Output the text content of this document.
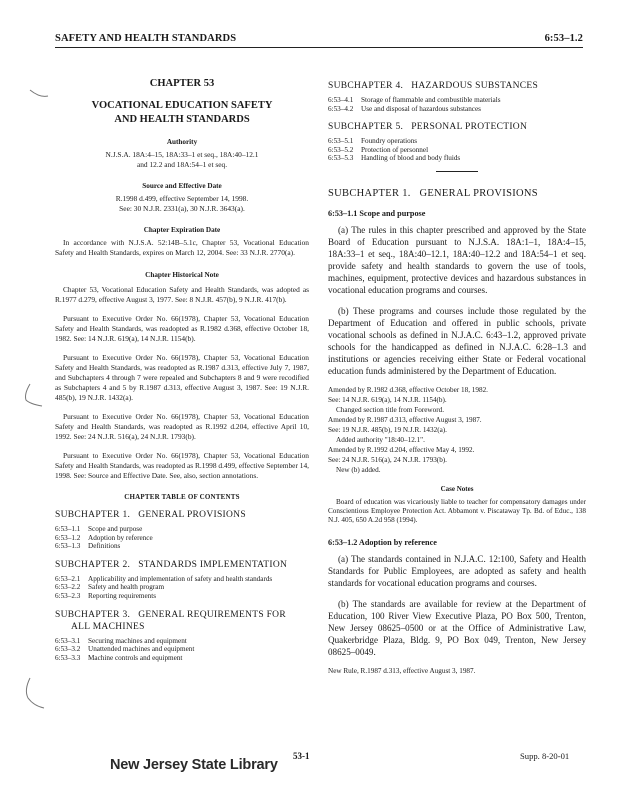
SAFETY AND HEALTH STANDARDS	6:53–1.2
CHAPTER 53
VOCATIONAL EDUCATION SAFETY
AND HEALTH STANDARDS
Authority
N.J.S.A. 18A:4–15, 18A:33–1 et seq., 18A:40–12.1
and 12.2 and 18A:54–1 et seq.
Source and Effective Date
R.1998 d.499, effective September 14, 1998.
See: 30 N.J.R. 2331(a), 30 N.J.R. 3643(a).
Chapter Expiration Date
In accordance with N.J.S.A. 52:14B–5.1c, Chapter 53, Vocational Education Safety and Health Standards, expires on March 12, 2004. See: 33 N.J.R. 2770(a).
Chapter Historical Note
Chapter 53, Vocational Education Safety and Health Standards, was adopted as R.1977 d.279, effective August 3, 1977. See: 8 N.J.R. 457(b), 9 N.J.R. 417(b).
Pursuant to Executive Order No. 66(1978), Chapter 53, Vocational Education Safety and Health Standards, was readopted as R.1982 d.368, effective October 18, 1982. See: 14 N.J.R. 619(a), 14 N.J.R. 1154(b).
Pursuant to Executive Order No. 66(1978), Chapter 53, Vocational Education Safety and Health Standards, was readopted as R.1987 d.313, effective July 7, 1987, and Subchapters 4 through 7 were repealed and Subchapters 8 and 9 were recodified as Subchapters 4 and 5 by R.1987 d.313, effective August 3, 1987. See: 19 N.J.R. 485(b), 19 N.J.R. 1432(a).
Pursuant to Executive Order No. 66(1978), Chapter 53, Vocational Education Safety and Health Standards, was readopted as R.1992 d.204, effective April 10, 1992. See: 24 N.J.R. 516(a), 24 N.J.R. 1793(b).
Pursuant to Executive Order No. 66(1978), Chapter 53, Vocational Education Safety and Health Standards, was readopted as R.1998 d.499, effective September 14, 1998. See: Source and Effective Date. See, also, section annotations.
CHAPTER TABLE OF CONTENTS
SUBCHAPTER 1. GENERAL PROVISIONS
6:53–1.1	Scope and purpose
6:53–1.2	Adoption by reference
6:53–1.3	Definitions
SUBCHAPTER 2. STANDARDS IMPLEMENTATION
6:53–2.1	Applicability and implementation of safety and health standards
6:53–2.2	Safety and health program
6:53–2.3	Reporting requirements
SUBCHAPTER 3. GENERAL REQUIREMENTS FOR
ALL MACHINES
6:53–3.1	Securing machines and equipment
6:53–3.2	Unattended machines and equipment
6:53–3.3	Machine controls and equipment
SUBCHAPTER 4. HAZARDOUS SUBSTANCES
6:53–4.1	Storage of flammable and combustible materials
6:53–4.2	Use and disposal of hazardous substances
SUBCHAPTER 5. PERSONAL PROTECTION
6:53–5.1	Foundry operations
6:53–5.2	Protection of personnel
6:53–5.3	Handling of blood and body fluids
SUBCHAPTER 1. GENERAL PROVISIONS
6:53–1.1 Scope and purpose
(a) The rules in this chapter prescribed and approved by the State Board of Education pursuant to N.J.S.A. 18A:1–1, 18A:4–15, 18A:33–1 et seq., 18A:40–12.1, 18A:40–12.2 and 18A:54–1 et seq. provide safety and health standards to govern the use of tools, machines, equipment, protective devices and hazardous substances in vocational education programs and courses.
(b) These programs and courses include those regulated by the Department of Education and offered in public schools, private vocational schools as defined in N.J.A.C. 6:43–1.2, approved private schools for the handicapped as defined in N.J.A.C. 6:28–1.3 and institutions or agencies receiving either State or Federal vocational education funds administered by the Department of Education.
Amended by R.1982 d.368, effective October 18, 1982.
See: 14 N.J.R. 619(a), 14 N.J.R. 1154(b).
Changed section title from Foreword.
Amended by R.1987 d.313, effective August 3, 1987.
See: 19 N.J.R. 485(b), 19 N.J.R. 1432(a).
Added authority "18:40–12.1".
Amended by R.1992 d.204, effective May 4, 1992.
See: 24 N.J.R. 516(a), 24 N.J.R. 1793(b).
New (b) added.
Case Notes
Board of education was vicariously liable to teacher for compensatory damages under Conscientious Employee Protection Act. Abbamont v. Piscataway Tp. Bd. of Educ., 138 N.J. 405, 650 A.2d 958 (1994).
6:53–1.2 Adoption by reference
(a) The standards contained in N.J.A.C. 12:100, Safety and Health Standards for Public Employees, are adopted as safety and health standards for vocational education programs and courses.
(b) The standards are available for review at the Department of Education, 100 River View Executive Plaza, PO Box 500, Trenton, New Jersey 08625–0500 or at the Office of Administrative Law, Quakerbridge Plaza, Bldg. 9, PO Box 049, Trenton, New Jersey 08625–0049.
New Rule, R.1987 d.313, effective August 3, 1987.
53-1	Supp. 8-20-01
New Jersey State Library
